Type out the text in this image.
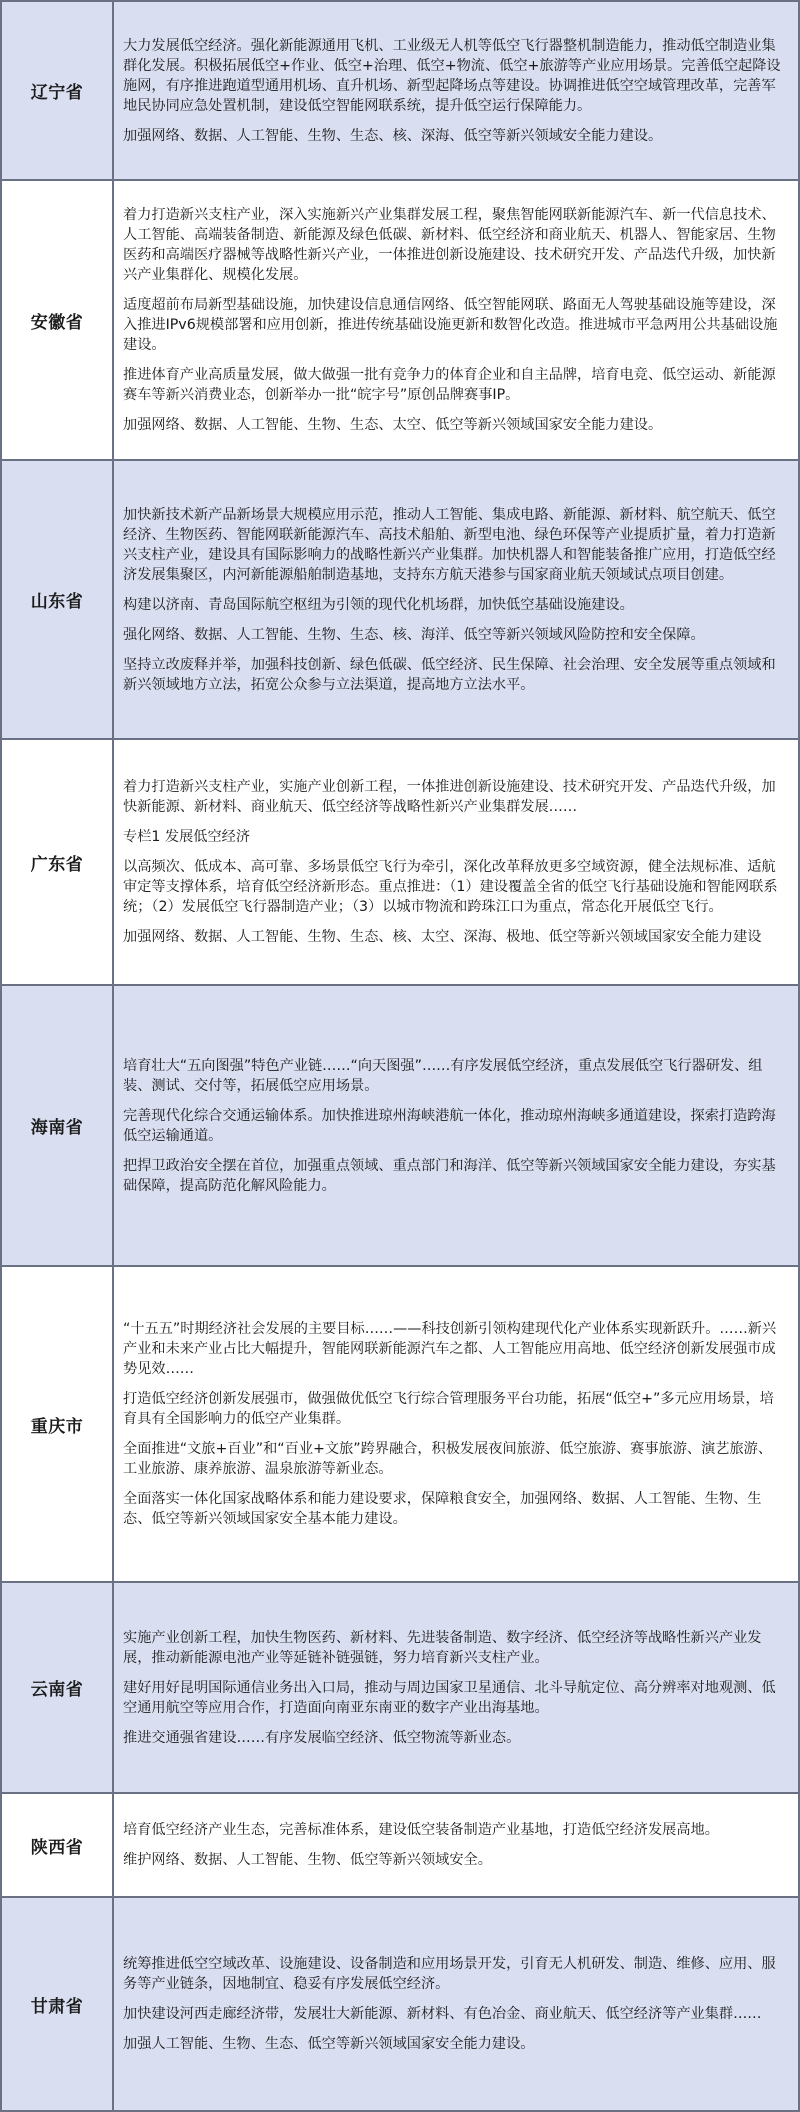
辽宁省	大力发展低空经济。强化新能源通用飞机、工业级无人机等低空飞行器整机制造能力，推动低空制造业集群化发展。积极拓展低空+作业、低空+治理、低空+物流、低空+旅游等产业应用场景。完善低空起降设施网，有序推进跑道型通用机场、直升机场、新型起降场点等建设。协调推进低空空域管理改革，完善军地民协同应急处置机制，建设低空智能网联系统，提升低空运行保障能力。

加强网络、数据、人工智能、生物、生态、核、深海、低空等新兴领域安全能力建设。

安徽省	着力打造新兴支柱产业，深入实施新兴产业集群发展工程，聚焦智能网联新能源汽车、新一代信息技术、人工智能、高端装备制造、新能源及绿色低碳、新材料、低空经济和商业航天、机器人、智能家居、生物医药和高端医疗器械等战略性新兴产业，一体推进创新设施建设、技术研究开发、产品迭代升级，加快新兴产业集群化、规模化发展。

适度超前布局新型基础设施，加快建设信息通信网络、低空智能网联、路面无人驾驶基础设施等建设，深入推进IPv6规模部署和应用创新，推进传统基础设施更新和数智化改造。推进城市平急两用公共基础设施建设。

推进体育产业高质量发展，做大做强一批有竞争力的体育企业和自主品牌，培育电竞、低空运动、新能源赛车等新兴消费业态，创新举办一批“皖字号”原创品牌赛事IP。

加强网络、数据、人工智能、生物、生态、太空、低空等新兴领域国家安全能力建设。

山东省	加快新技术新产品新场景大规模应用示范，推动人工智能、集成电路、新能源、新材料、航空航天、低空经济、生物医药、智能网联新能源汽车、高技术船舶、新型电池、绿色环保等产业提质扩量，着力打造新兴支柱产业，建设具有国际影响力的战略性新兴产业集群。加快机器人和智能装备推广应用，打造低空经济发展集聚区，内河新能源船舶制造基地，支持东方航天港参与国家商业航天领域试点项目创建。

构建以济南、青岛国际航空枢纽为引领的现代化机场群，加快低空基础设施建设。

强化网络、数据、人工智能、生物、生态、核、海洋、低空等新兴领域风险防控和安全保障。

坚持立改废释并举，加强科技创新、绿色低碳、低空经济、民生保障、社会治理、安全发展等重点领域和新兴领域地方立法，拓宽公众参与立法渠道，提高地方立法水平。

广东省	着力打造新兴支柱产业，实施产业创新工程，一体推进创新设施建设、技术研究开发、产品迭代升级，加快新能源、新材料、商业航天、低空经济等战略性新兴产业集群发展……

专栏1 发展低空经济

以高频次、低成本、高可靠、多场景低空飞行为牵引，深化改革释放更多空域资源，健全法规标准、适航审定等支撑体系，培育低空经济新形态。重点推进：（1）建设覆盖全省的低空飞行基础设施和智能网联系统；（2）发展低空飞行器制造产业；（3）以城市物流和跨珠江口为重点，常态化开展低空飞行。

加强网络、数据、人工智能、生物、生态、核、太空、深海、极地、低空等新兴领域国家安全能力建设

海南省	培育壮大“五向图强”特色产业链……“向天图强”……有序发展低空经济，重点发展低空飞行器研发、组装、测试、交付等，拓展低空应用场景。

完善现代化综合交通运输体系。加快推进琼州海峡港航一体化，推动琼州海峡多通道建设，探索打造跨海低空运输通道。

把捍卫政治安全摆在首位，加强重点领域、重点部门和海洋、低空等新兴领域国家安全能力建设，夯实基础保障，提高防范化解风险能力。

重庆市	“十五五”时期经济社会发展的主要目标……——科技创新引领构建现代化产业体系实现新跃升。……新兴产业和未来产业占比大幅提升，智能网联新能源汽车之都、人工智能应用高地、低空经济创新发展强市成势见效……

打造低空经济创新发展强市，做强做优低空飞行综合管理服务平台功能，拓展“低空+”多元应用场景，培育具有全国影响力的低空产业集群。

全面推进“文旅+百业”和“百业+文旅”跨界融合，积极发展夜间旅游、低空旅游、赛事旅游、演艺旅游、工业旅游、康养旅游、温泉旅游等新业态。

全面落实一体化国家战略体系和能力建设要求，保障粮食安全，加强网络、数据、人工智能、生物、生态、低空等新兴领域国家安全基本能力建设。

云南省	实施产业创新工程，加快生物医药、新材料、先进装备制造、数字经济、低空经济等战略性新兴产业发展，推动新能源电池产业等延链补链强链，努力培育新兴支柱产业。

建好用好昆明国际通信业务出入口局，推动与周边国家卫星通信、北斗导航定位、高分辨率对地观测、低空通用航空等应用合作，打造面向南亚东南亚的数字产业出海基地。

推进交通强省建设……有序发展临空经济、低空物流等新业态。

陕西省	培育低空经济产业生态，完善标准体系，建设低空装备制造产业基地，打造低空经济发展高地。

维护网络、数据、人工智能、生物、低空等新兴领域安全。

甘肃省	统筹推进低空空域改革、设施建设、设备制造和应用场景开发，引育无人机研发、制造、维修、应用、服务等产业链条，因地制宜、稳妥有序发展低空经济。

加快建设河西走廊经济带，发展壮大新能源、新材料、有色冶金、商业航天、低空经济等产业集群……

加强人工智能、生物、生态、低空等新兴领域国家安全能力建设。
